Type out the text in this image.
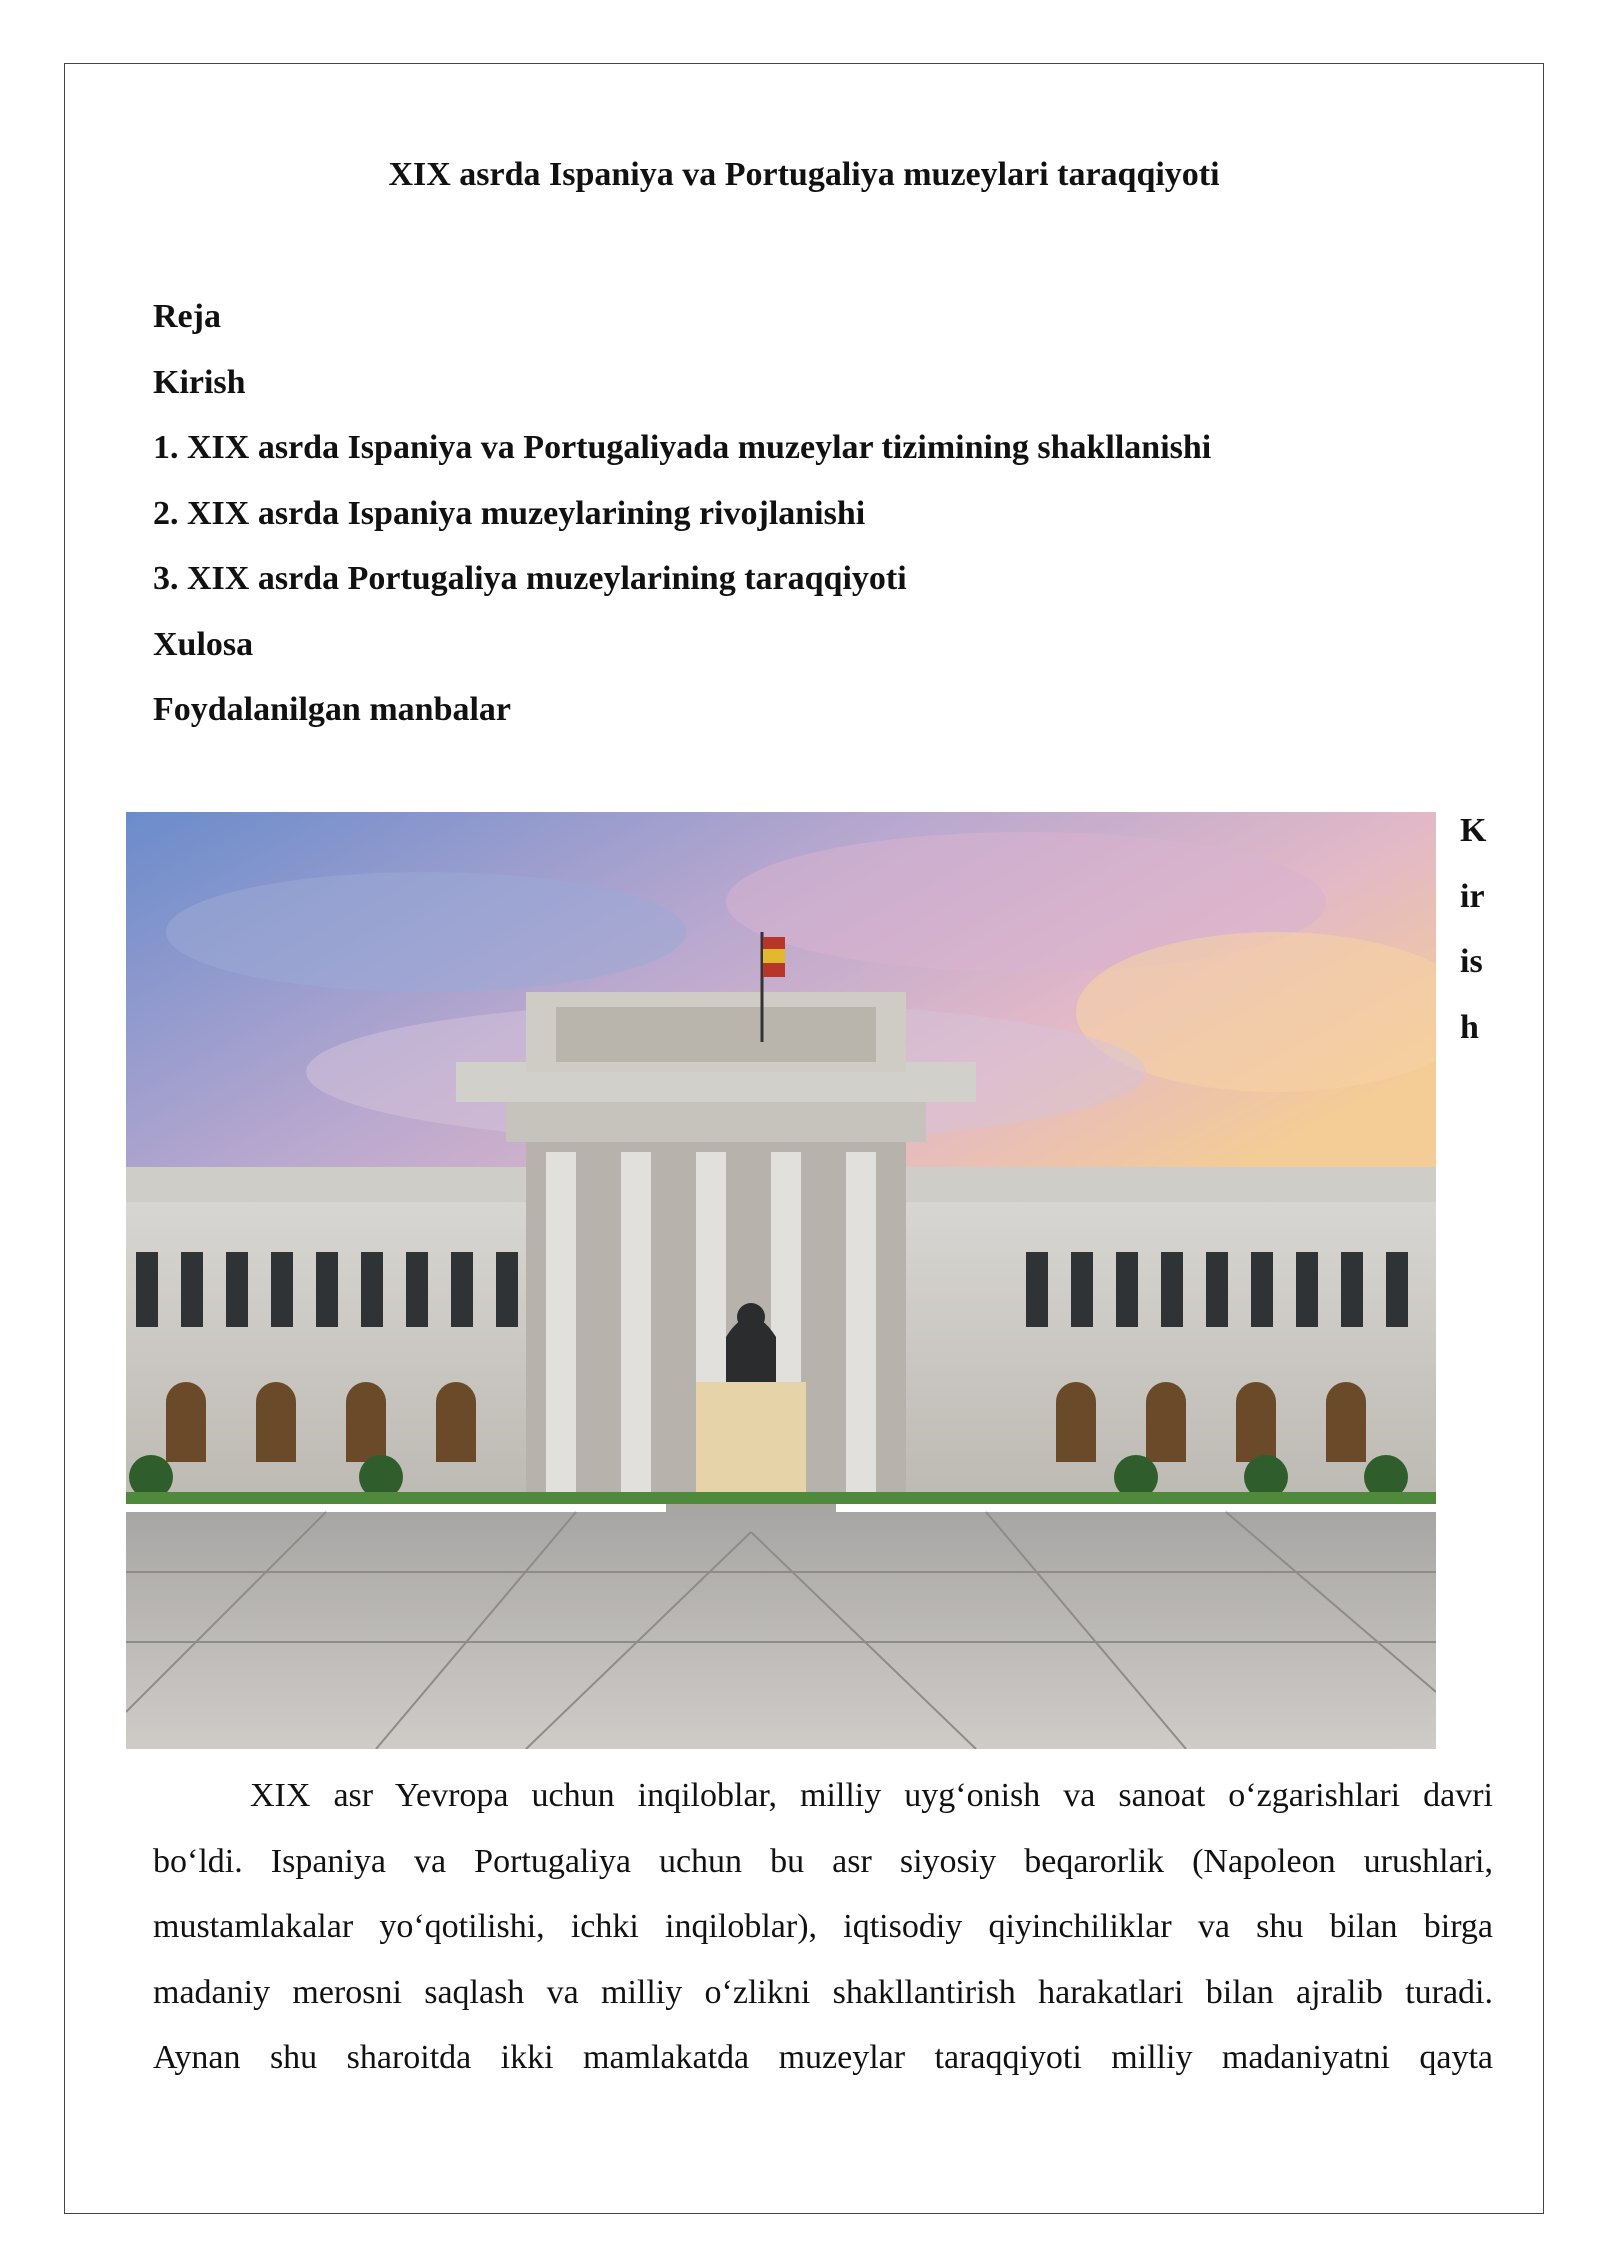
XIX asrda Ispaniya va Portugaliya muzeylari taraqqiyoti
Reja
Kirish
1. XIX asrda Ispaniya va Portugaliyada muzeylar tizimining shakllanishi
2. XIX asrda Ispaniya muzeylarining rivojlanishi
3. XIX asrda Portugaliya muzeylarining taraqqiyoti
Xulosa
Foydalanilgan manbalar
K
ir
is
h

XIX asr Yevropa uchun inqiloblar, milliy uyg‘onish va sanoat o‘zgarishlari davri
bo‘ldi. Ispaniya va Portugaliya uchun bu asr siyosiy beqarorlik (Napoleon urushlari,
mustamlakalar yo‘qotilishi, ichki inqiloblar), iqtisodiy qiyinchiliklar va shu bilan birga
madaniy merosni saqlash va milliy o‘zlikni shakllantirish harakatlari bilan ajralib turadi.
Aynan shu sharoitda ikki mamlakatda muzeylar taraqqiyoti milliy madaniyatni qayta
